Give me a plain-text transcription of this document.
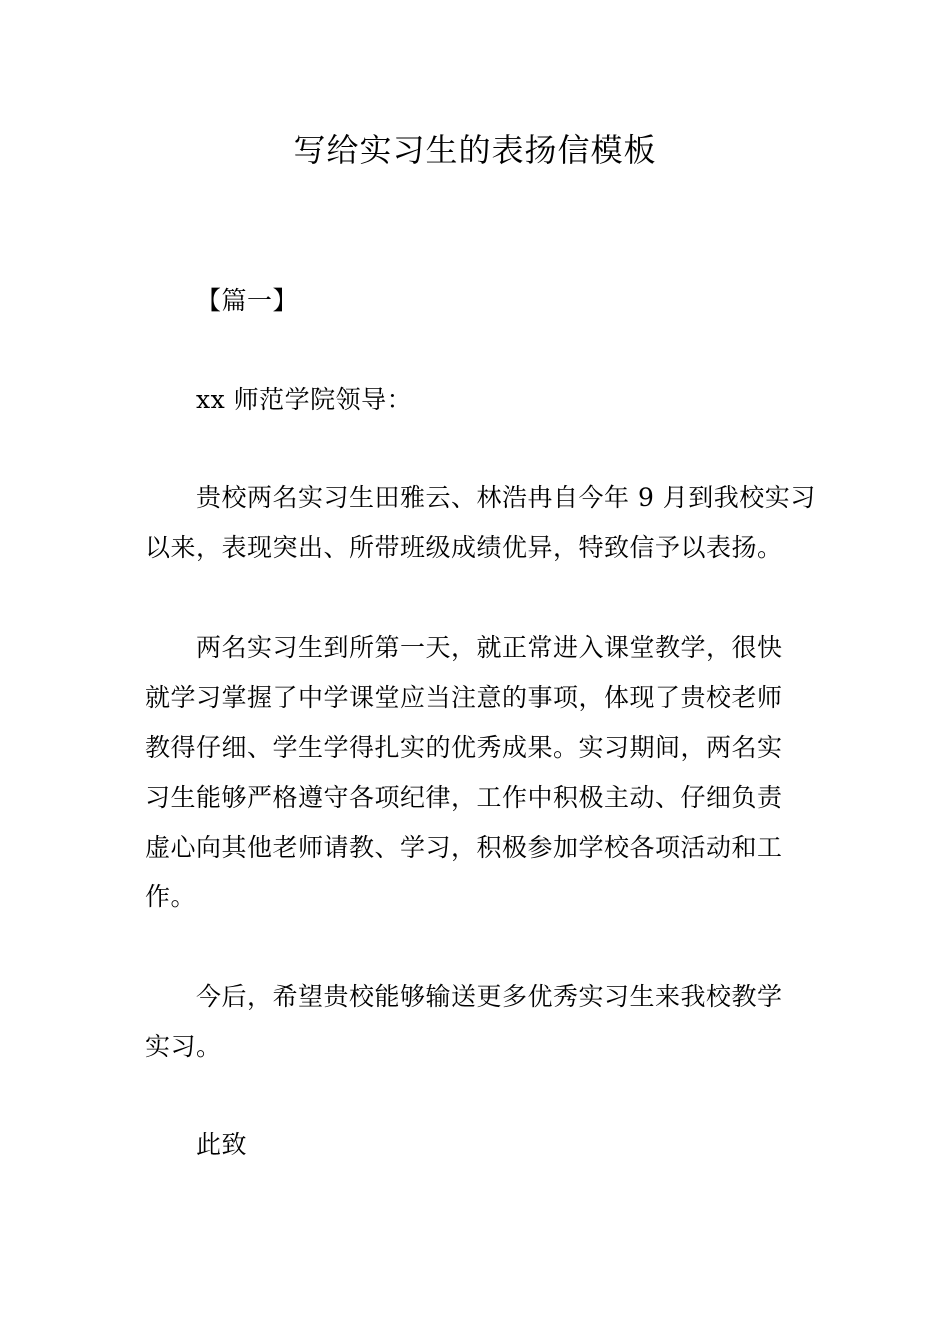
写给实习生的表扬信模板
【篇一】
xx 师范学院领导：
贵校两名实习生田雅云、林浩冉自今年 9 月到我校实习
以来，表现突出、所带班级成绩优异，特致信予以表扬。
两名实习生到所第一天，就正常进入课堂教学，很快
就学习掌握了中学课堂应当注意的事项，体现了贵校老师
教得仔细、学生学得扎实的优秀成果。实习期间，两名实
习生能够严格遵守各项纪律，工作中积极主动、仔细负责
虚心向其他老师请教、学习，积极参加学校各项活动和工
作。
今后，希望贵校能够输送更多优秀实习生来我校教学
实习。
此致
